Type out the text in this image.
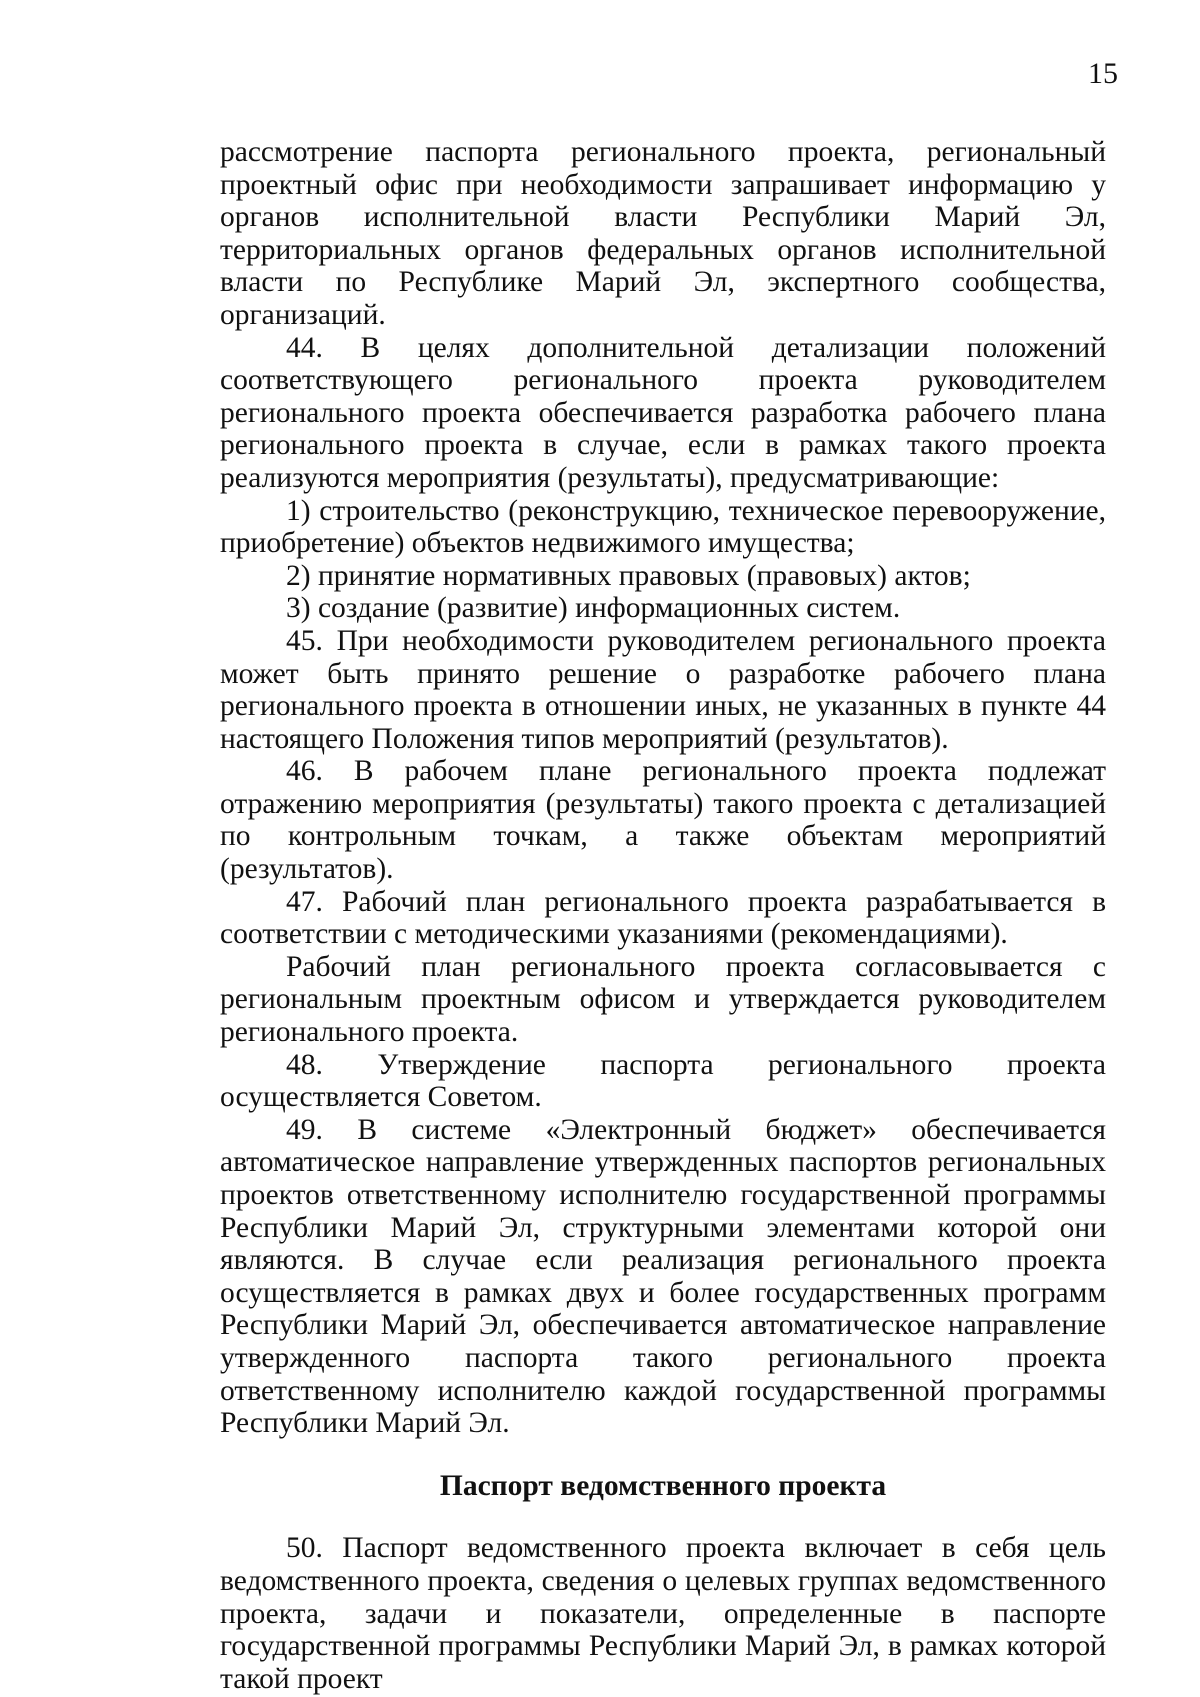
15

рассмотрение паспорта регионального проекта, региональный проектный офис при необходимости запрашивает информацию у органов исполнительной власти Республики Марий Эл, территориальных органов федеральных органов исполнительной власти по Республике Марий Эл, экспертного сообщества, организаций.

44. В целях дополнительной детализации положений соответствующего регионального проекта руководителем регионального проекта обеспечивается разработка рабочего плана регионального проекта в случае, если в рамках такого проекта реализуются мероприятия (результаты), предусматривающие:

1) строительство (реконструкцию, техническое перевооружение, приобретение) объектов недвижимого имущества;

2) принятие нормативных правовых (правовых) актов;

3) создание (развитие) информационных систем.

45. При необходимости руководителем регионального проекта может быть принято решение о разработке рабочего плана регионального проекта в отношении иных, не указанных в пункте 44 настоящего Положения типов мероприятий (результатов).

46. В рабочем плане регионального проекта подлежат отражению мероприятия (результаты) такого проекта с детализацией по контрольным точкам, а также объектам мероприятий (результатов).

47. Рабочий план регионального проекта разрабатывается в соответствии с методическими указаниями (рекомендациями).

Рабочий план регионального проекта согласовывается с региональным проектным офисом и утверждается руководителем регионального проекта.

48. Утверждение паспорта регионального проекта осуществляется Советом.

49. В системе «Электронный бюджет» обеспечивается автоматическое направление утвержденных паспортов региональных проектов ответственному исполнителю государственной программы Республики Марий Эл, структурными элементами которой они являются. В случае если реализация регионального проекта осуществляется в рамках двух и более государственных программ Республики Марий Эл, обеспечивается автоматическое направление утвержденного паспорта такого регионального проекта ответственному исполнителю каждой государственной программы Республики Марий Эл.

Паспорт ведомственного проекта

50. Паспорт ведомственного проекта включает в себя цель ведомственного проекта, сведения о целевых группах ведомственного проекта, задачи и показатели, определенные в паспорте государственной программы Республики Марий Эл, в рамках которой такой проект
